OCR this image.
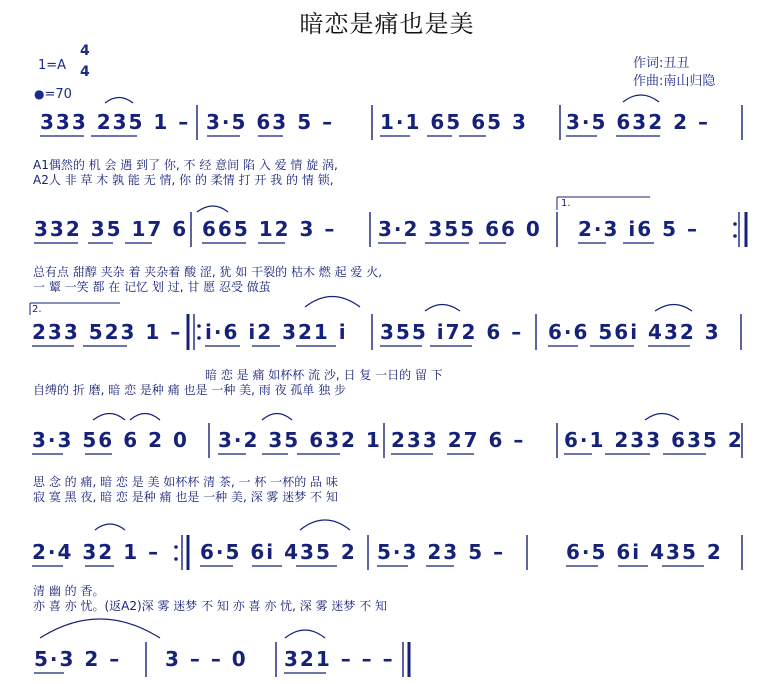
暗恋是痛也是美
1=A
4
4
●=70
作词:丑丑
作曲:南山归隐
333 235 1 – 3·5 63 5 – 1·1 65 65 3 3·5 632 2 –
A1偶然的 机 会 遇 到了 你, 不 经 意间 陷 入 爱 情 旋 涡,
A2人 非 草 木 孰 能 无 情, 你 的 柔情 打 开 我 的 情 锁,
1.
332 35 17 6 665 12 3 – 3·2 355 66 0 2·3 i6 5 –
总有点 甜醇 夹杂 着 夹杂着 酸 涩, 犹 如 干裂的 枯木 燃 起 爱 火,
一 颦 一笑 都 在 记忆 划 过, 甘 愿 忍受 做茧
2.
233 523 1 – i·6 i2 321 i 355 i72 6 – 6·6 56i 432 3
暗 恋 是 痛 如杯杯 流 沙, 日 复 一日的 留 下
自缚的 折 磨, 暗 恋 是种 痛 也是 一种 美, 雨 夜 孤单 独 步
3·3 56 6 2 0 3·2 35 632 1 233 27 6 – 6·1 233 635 2
思 念 的 痛, 暗 恋 是 美 如杯杯 清 茶, 一 杯 一杯的 品 味
寂 寞 黑 夜, 暗 恋 是种 痛 也是 一种 美, 深 雾 迷梦 不 知
2·4 32 1 – 6·5 6i 435 2 5·3 23 5 –	6·5 6i 435 2
清 幽 的 香。
亦 喜 亦 忧。(返A2)深 雾 迷梦 不 知 亦 喜 亦 忧, 深 雾 迷梦 不 知
5·3 2 – 3 – – 0 321 – – –
